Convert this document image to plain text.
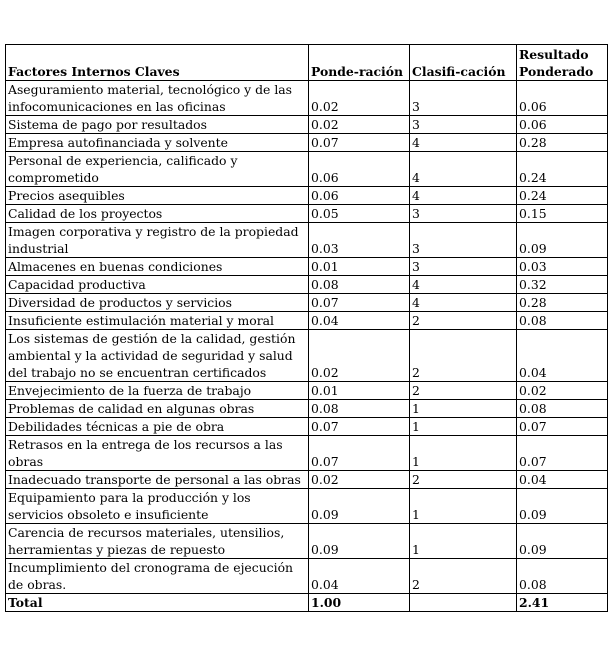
Factores Internos Claves	Ponde-ración	Clasifi-cación	Resultado
Ponderado
Aseguramiento material, tecnológico y de las infocomunicaciones en las oficinas	0.02	3	0.06
Sistema de pago por resultados	0.02	3	0.06
Empresa autofinanciada y solvente	0.07	4	0.28
Personal de experiencia, calificado y comprometido	0.06	4	0.24
Precios asequibles	0.06	4	0.24
Calidad de los proyectos	0.05	3	0.15
Imagen corporativa y registro de la propiedad industrial	0.03	3	0.09
Almacenes en buenas condiciones	0.01	3	0.03
Capacidad productiva	0.08	4	0.32
Diversidad de productos y servicios	0.07	4	0.28
Insuficiente estimulación material y moral	0.04	2	0.08
Los sistemas de gestión de la calidad, gestión ambiental y la actividad de seguridad y salud del trabajo no se encuentran certificados	0.02	2	0.04
Envejecimiento de la fuerza de trabajo	0.01	2	0.02
Problemas de calidad en algunas obras	0.08	1	0.08
Debilidades técnicas a pie de obra	0.07	1	0.07
Retrasos en la entrega de los recursos a las obras	0.07	1	0.07
Inadecuado transporte de personal a las obras	0.02	2	0.04
Equipamiento para la producción y los servicios obsoleto e insuficiente	0.09	1	0.09
Carencia de recursos materiales, utensilios, herramientas y piezas de repuesto	0.09	1	0.09
Incumplimiento del cronograma de ejecución de obras.	0.04	2	0.08
Total	1.00		2.41
